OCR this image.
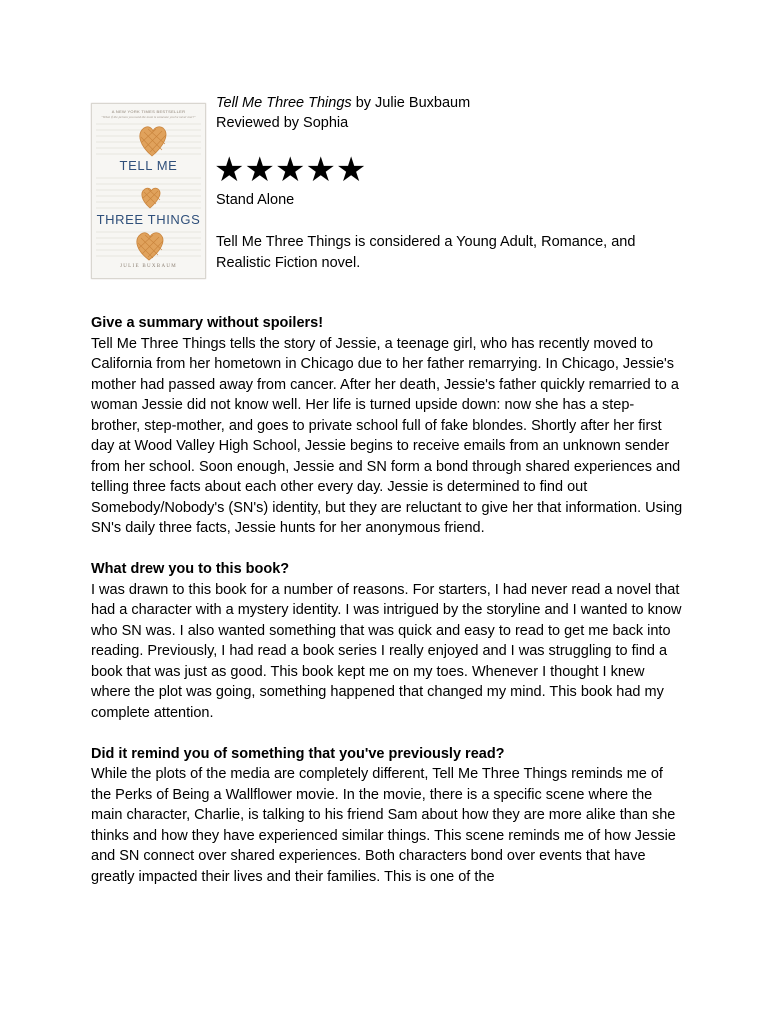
A NEW YORK TIMES BESTSELLER
"What if the person you need the most is someone you've never met?"
TELL ME
THREE THINGS
JULIE BUXBAUM
Tell Me Three Things by Julie Buxbaum
Reviewed by Sophia
★★★★★
Stand Alone
Tell Me Three Things is considered a Young Adult, Romance, and Realistic Fiction novel.
Give a summary without spoilers!

Tell Me Three Things tells the story of Jessie, a teenage girl, who has recently moved to California from her hometown in Chicago due to her father remarrying. In Chicago, Jessie's mother had passed away from cancer. After her death, Jessie's father quickly remarried to a woman Jessie did not know well. Her life is turned upside down: now she has a step-brother, step-mother, and goes to private school full of fake blondes. Shortly after her first day at Wood Valley High School, Jessie begins to receive emails from an unknown sender from her school. Soon enough, Jessie and SN form a bond through shared experiences and telling three facts about each other every day. Jessie is determined to find out Somebody/Nobody's (SN's) identity, but they are reluctant to give her that information. Using SN's daily three facts, Jessie hunts for her anonymous friend.

What drew you to this book?

I was drawn to this book for a number of reasons. For starters, I had never read a novel that had a character with a mystery identity. I was intrigued by the storyline and I wanted to know who SN was. I also wanted something that was quick and easy to read to get me back into reading. Previously, I had read a book series I really enjoyed and I was struggling to find a book that was just as good. This book kept me on my toes. Whenever I thought I knew where the plot was going, something happened that changed my mind. This book had my complete attention.

Did it remind you of something that you've previously read?

While the plots of the media are completely different, Tell Me Three Things reminds me of the Perks of Being a Wallflower movie. In the movie, there is a specific scene where the main character, Charlie, is talking to his friend Sam about how they are more alike than she thinks and how they have experienced similar things. This scene reminds me of how Jessie and SN connect over shared experiences. Both characters bond over events that have greatly impacted their lives and their families. This is one of the
